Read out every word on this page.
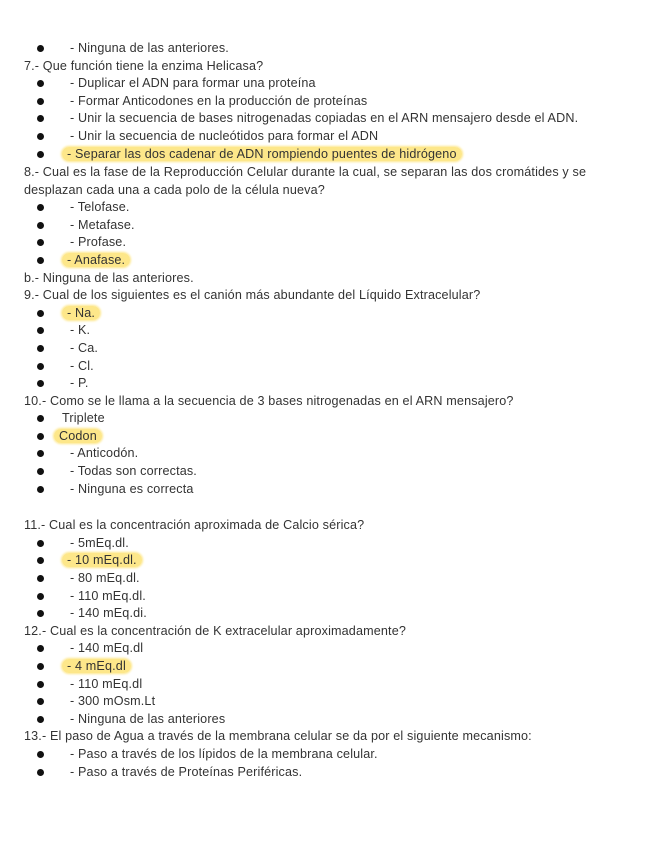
- Ninguna de las anteriores.
7.- Que función tiene la enzima Helicasa?
- Duplicar el ADN para formar una proteína
- Formar Anticodones en la producción de proteínas
- Unir la secuencia de bases nitrogenadas copiadas en el ARN mensajero desde el ADN.
- Unir la secuencia de nucleótidos para formar el ADN
- Separar las dos cadenar de ADN rompiendo puentes de hidrógeno
8.- Cual es la fase de la Reproducción Celular durante la cual, se separan las dos cromátides y se desplazan cada una a cada polo de la célula nueva?
- Telofase.
- Metafase.
- Profase.
- Anafase.
b.- Ninguna de las anteriores.
9.- Cual de los siguientes es el canión más abundante del Líquido Extracelular?
- Na.
- K.
- Ca.
- Cl.
- P.
10.- Como se le llama a la secuencia de 3 bases nitrogenadas en el ARN mensajero?
Triplete
Codon
- Anticodón.
- Todas son correctas.
- Ninguna es correcta
11.- Cual es la concentración aproximada de Calcio sérica?
- 5mEq.dl.
- 10 mEq.dl.
- 80 mEq.dl.
- 110 mEq.dl.
- 140 mEq.di.
12.- Cual es la concentración de K extracelular aproximadamente?
- 140 mEq.dl
- 4 mEq.dl
- 110 mEq.dl
- 300 mOsm.Lt
- Ninguna de las anteriores
13.- El paso de Agua a través de la membrana celular se da por el siguiente mecanismo:
- Paso a través de los lípidos de la membrana celular.
- Paso a través de Proteínas Periféricas.
